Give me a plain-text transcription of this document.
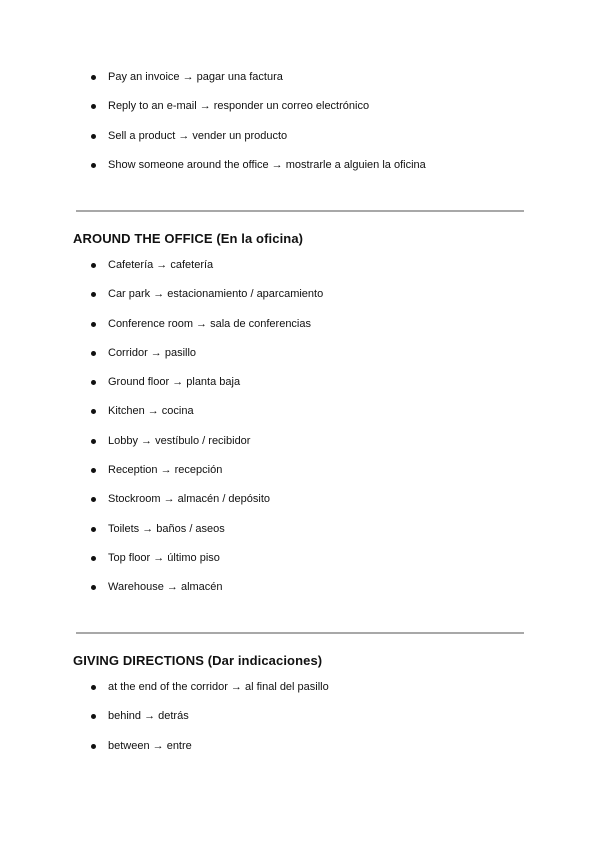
Pay an invoice → pagar una factura
Reply to an e-mail → responder un correo electrónico
Sell a product → vender un producto
Show someone around the office → mostrarle a alguien la oficina
AROUND THE OFFICE (En la oficina)
Cafetería → cafetería
Car park → estacionamiento / aparcamiento
Conference room → sala de conferencias
Corridor → pasillo
Ground floor → planta baja
Kitchen → cocina
Lobby → vestíbulo / recibidor
Reception → recepción
Stockroom → almacén / depósito
Toilets → baños / aseos
Top floor → último piso
Warehouse → almacén
GIVING DIRECTIONS (Dar indicaciones)
at the end of the corridor → al final del pasillo
behind → detrás
between → entre
